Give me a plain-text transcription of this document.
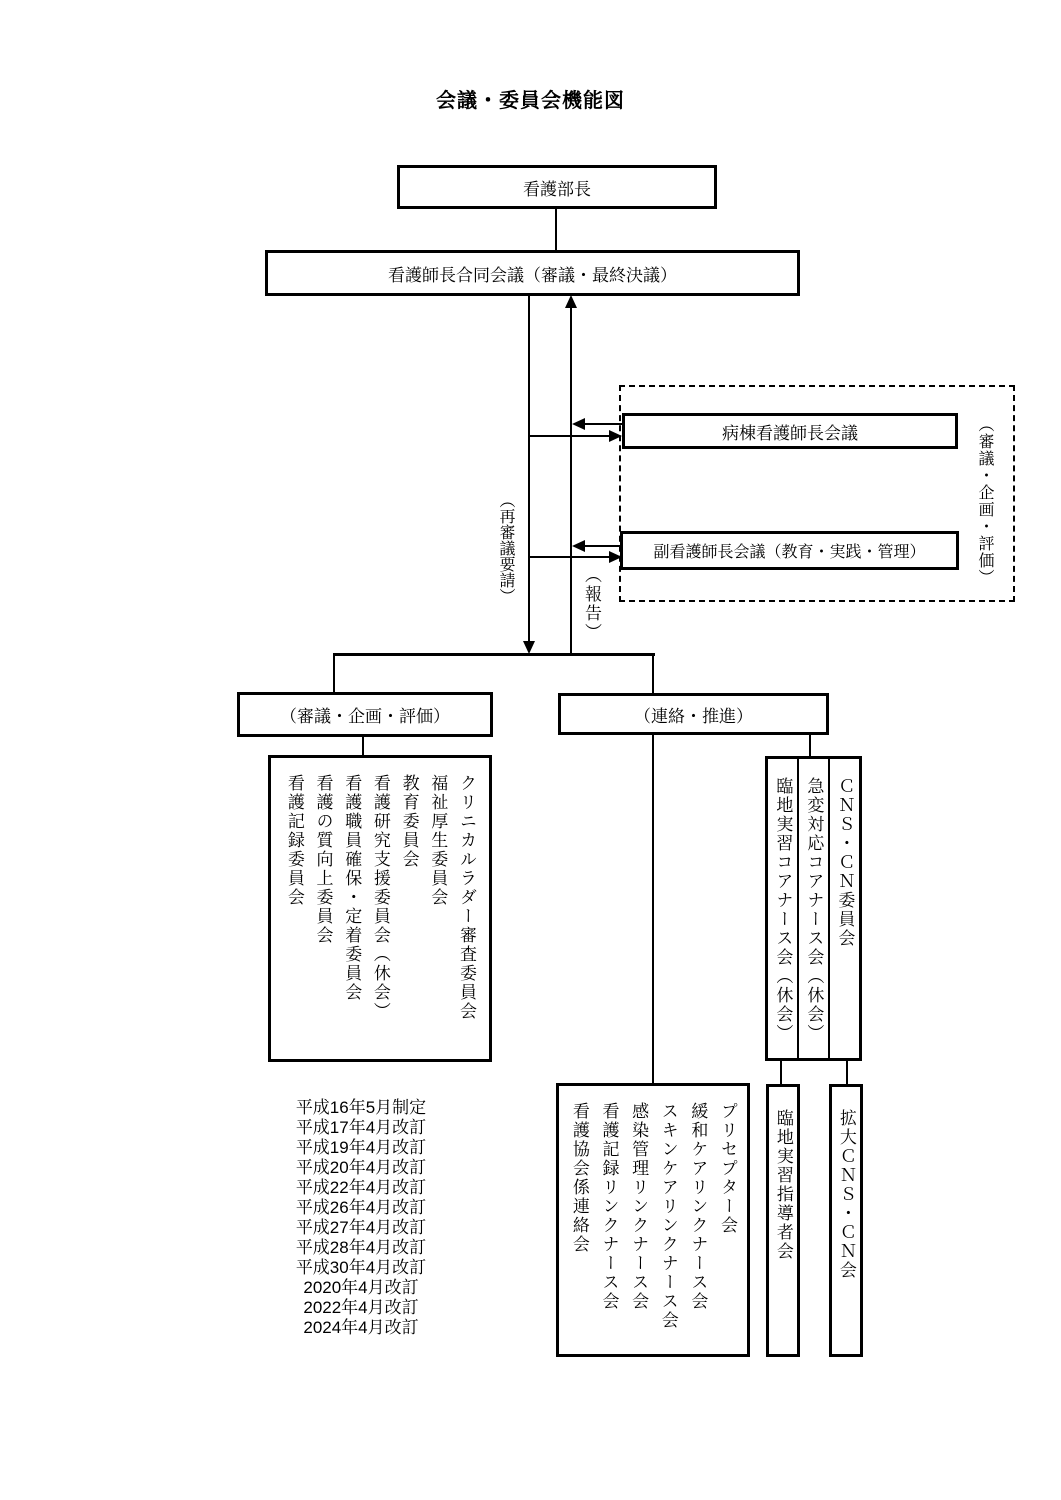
会議・委員会機能図
看護部長
看護師長合同会議（審議・最終決議）
（再審議要請）	（報告）
病棟看護師長会議
副看護師長会議（教育・実践・管理）	（審議・企画・評価）
（審議・企画・評価）	（連絡・推進）
クリニカルラダー審査委員会
福祉厚生委員会
教育委員会
看護研究支援委員会（休会）
看護職員確保・定着委員会
看護の質向上委員会
看護記録委員会	臨地実習コアナース会（休会） 急変対応コアナース会（休会） ＣＮＳ・ＣＮ委員会
プリセプター会
緩和ケアリンクナース会
スキンケアリンクナース会
感染管理リンクナース会
看護記録リンクナース会
看護協会係連絡会	臨地実習指導者会	拡大ＣＮＳ・ＣＮ会
平成16年5月制定
平成17年4月改訂
平成19年4月改訂
平成20年4月改訂
平成22年4月改訂
平成26年4月改訂
平成27年4月改訂
平成28年4月改訂
平成30年4月改訂
2020年4月改訂
2022年4月改訂
2024年4月改訂
